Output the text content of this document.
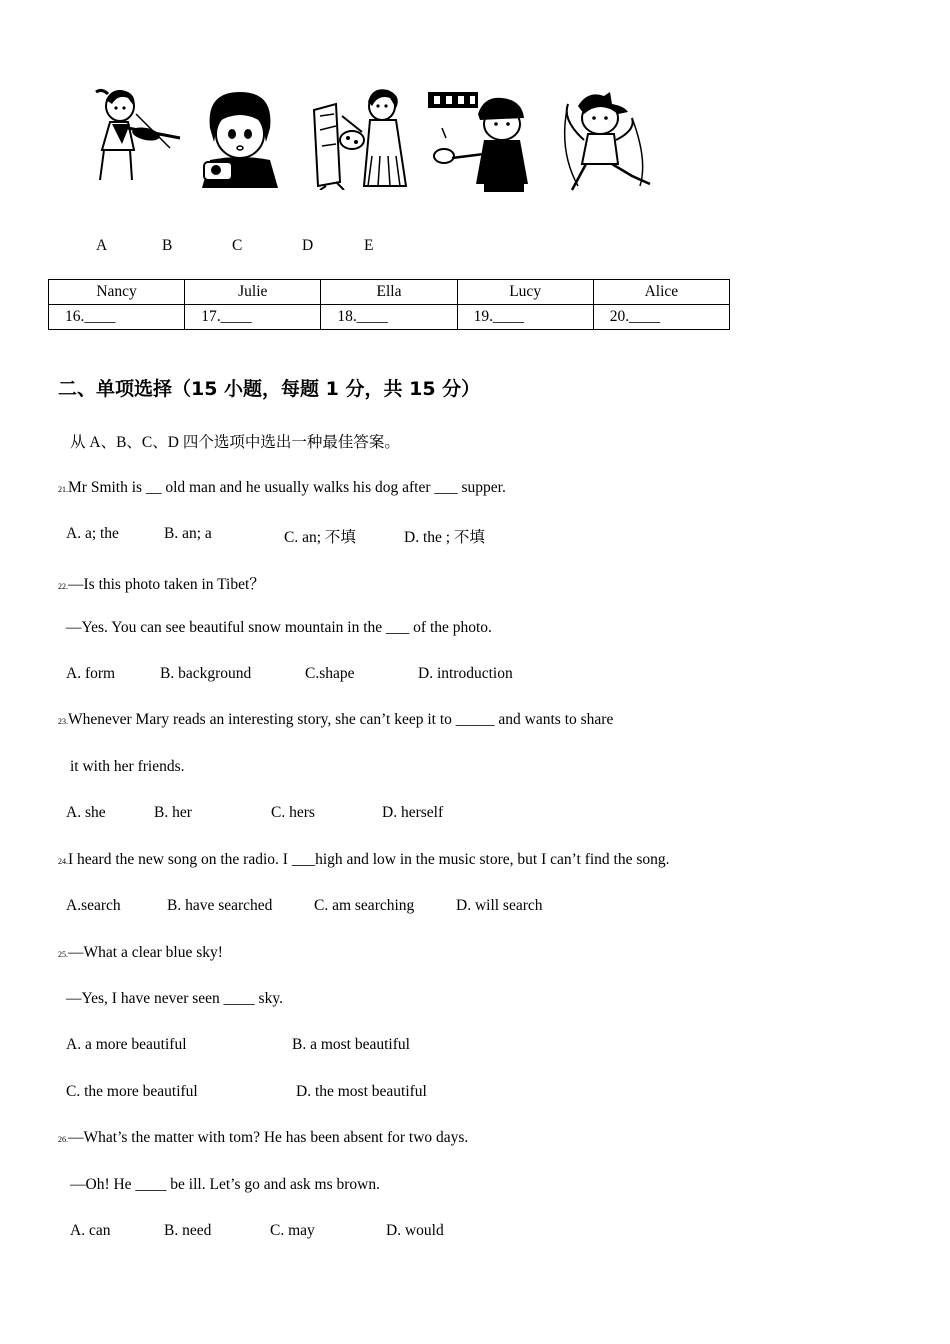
A	B	C	D	E
Nancy	Julie	Ella	Lucy	Alice
16.____	17.____	18.____	19.____	20.____
二、单项选择（15 小题，每题 1 分，共 15 分）
从 A、B、C、D 四个选项中选出一种最佳答案。
21.Mr Smith is __ old man and he usually walks his dog after ___ supper.
A. a; the	B. an; a	C. an; 不填	D. the ; 不填
22.—Is this photo taken in Tibet？
—Yes. You can see beautiful snow mountain in the ___ of the photo.
A. form	B. background	C.shape	D. introduction
23.Whenever Mary reads an interesting story, she can’t keep it to _____ and wants to share
it with her friends.
A. she	B. her	C. hers	D. herself
24.I heard the new song on the radio. I ___high and low in the music store, but I can’t find the song.
A.search	B. have searched	C. am searching	D. will search
25.—What a clear blue sky!
—Yes, I have never seen ____ sky.
A. a more beautiful	B. a most beautiful
C. the more beautiful	D. the most beautiful
26.—What’s the matter with tom? He has been absent for two days.
—Oh! He ____ be ill. Let’s go and ask ms brown.
A. can	B. need	C. may	D. would
